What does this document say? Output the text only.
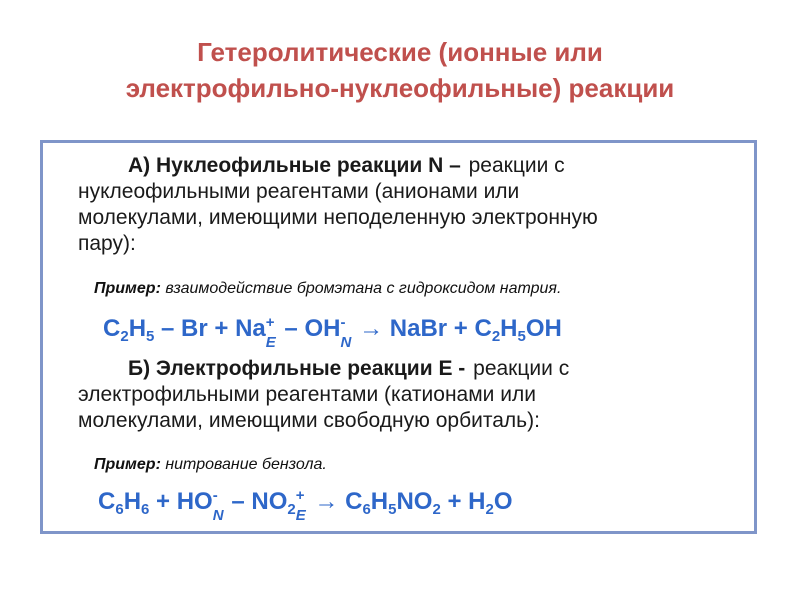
Гетеролитические (ионные или
электрофильно-нуклеофильные) реакции
А) Нуклеофильные реакции N – реакции с
нуклеофильными реагентами (анионами или
молекулами, имеющими неподеленную электронную
пару):
Пример: взаимодействие бромэтана с гидроксидом натрия.
$C_2H_5 - Br + Na$ +
E
– OH -
N
→ NaBr + $C_2H_5OH$
Б) Электрофильные реакции Е - реакции с
электрофильными реагентами (катионами или
молекулами, имеющими свободную орбиталь):
Пример: нитрование бензола.
$C_6H_6$ + HO -
N
– $NO_2$
+
E
→ $C_6H_5NO_2 + H_2O$
